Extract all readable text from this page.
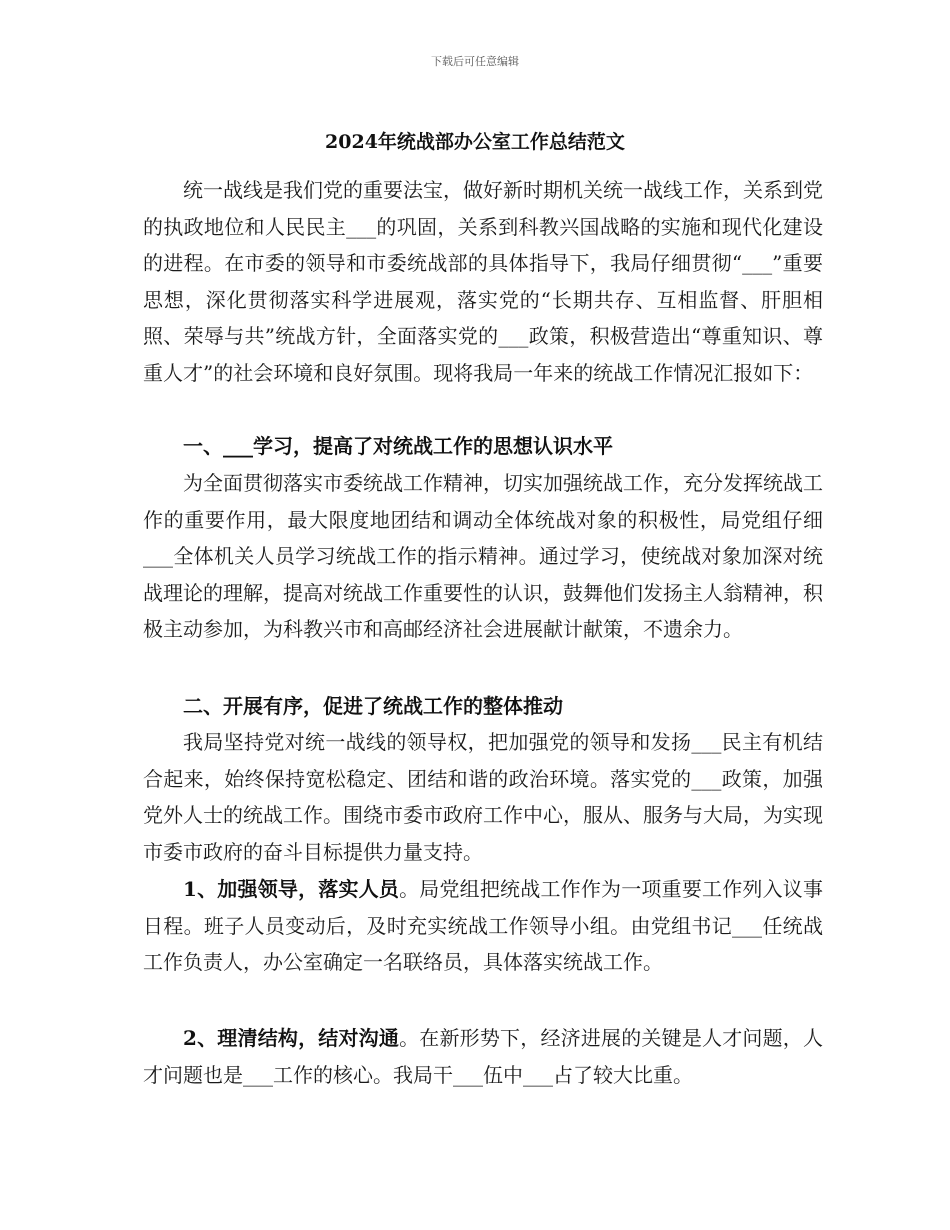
下载后可任意编辑
2024年统战部办公室工作总结范文

统一战线是我们党的重要法宝，做好新时期机关统一战线工作，关系到党的执政地位和人民民主___的巩固，关系到科教兴国战略的实施和现代化建设的进程。在市委的领导和市委统战部的具体指导下，我局仔细贯彻“___”重要思想，深化贯彻落实科学进展观，落实党的“长期共存、互相监督、肝胆相照、荣辱与共”统战方针，全面落实党的___政策，积极营造出“尊重知识、尊重人才”的社会环境和良好氛围。现将我局一年来的统战工作情况汇报如下：

一、___学习，提高了对统战工作的思想认识水平

为全面贯彻落实市委统战工作精神，切实加强统战工作，充分发挥统战工作的重要作用，最大限度地团结和调动全体统战对象的积极性，局党组仔细___全体机关人员学习统战工作的指示精神。通过学习，使统战对象加深对统战理论的理解，提高对统战工作重要性的认识，鼓舞他们发扬主人翁精神，积极主动参加，为科教兴市和高邮经济社会进展献计献策，不遗余力。

二、开展有序，促进了统战工作的整体推动

我局坚持党对统一战线的领导权，把加强党的领导和发扬___民主有机结合起来，始终保持宽松稳定、团结和谐的政治环境。落实党的___政策，加强党外人士的统战工作。围绕市委市政府工作中心，服从、服务与大局，为实现市委市政府的奋斗目标提供力量支持。

1、加强领导，落实人员。局党组把统战工作作为一项重要工作列入议事日程。班子人员变动后，及时充实统战工作领导小组。由党组书记___任统战工作负责人，办公室确定一名联络员，具体落实统战工作。

2、理清结构，结对沟通。在新形势下，经济进展的关键是人才问题，人才问题也是___工作的核心。我局干___伍中___占了较大比重。
